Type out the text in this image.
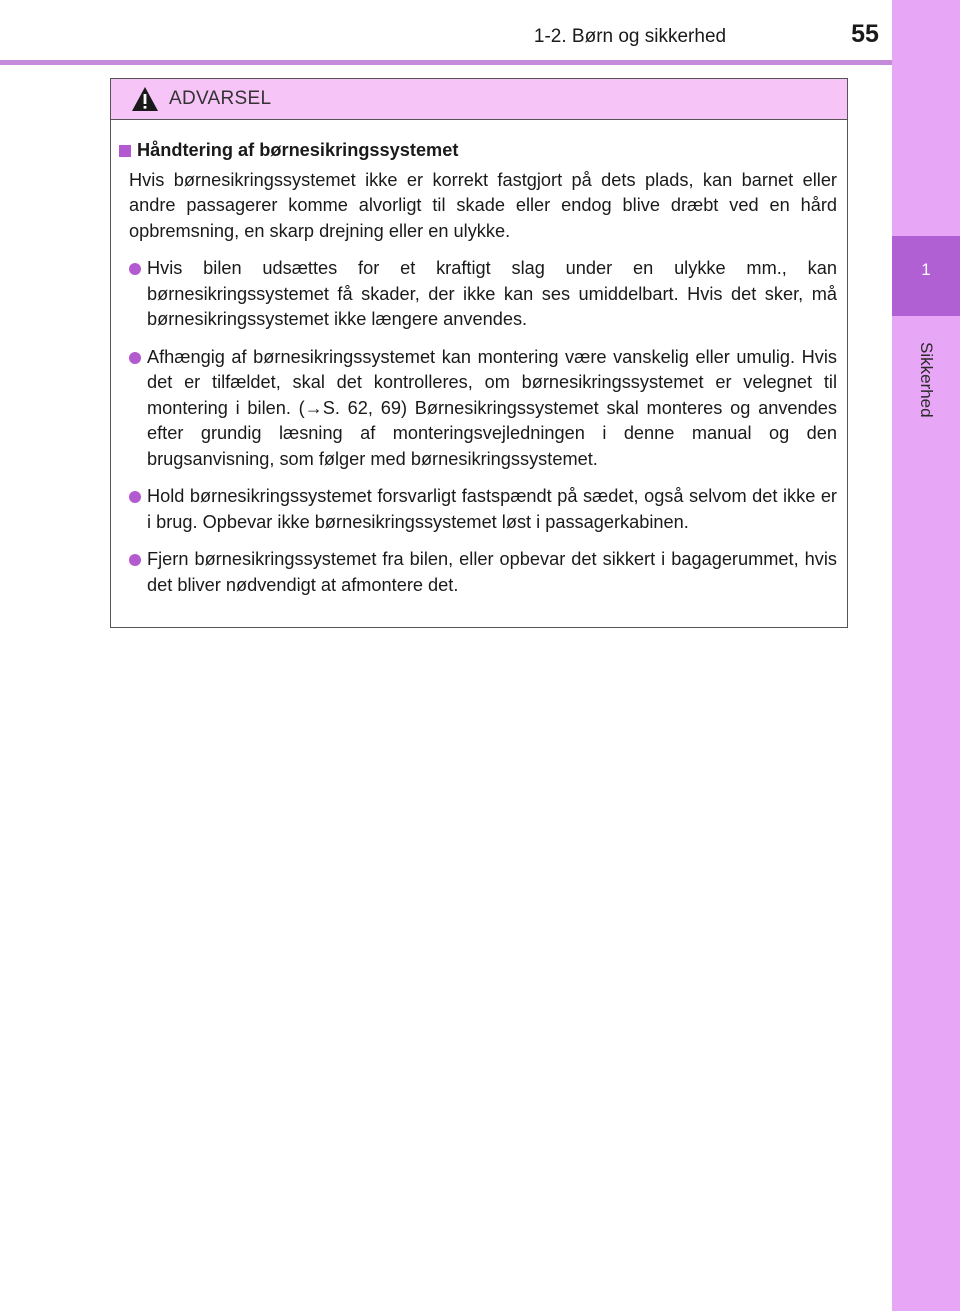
1-2. Børn og sikkerhed	55
1
Sikkerhed
ADVARSEL
Håndtering af børnesikringssystemet
Hvis børnesikringssystemet ikke er korrekt fastgjort på dets plads, kan barnet eller andre passagerer komme alvorligt til skade eller endog blive dræbt ved en hård opbremsning, en skarp drejning eller en ulykke.
Hvis bilen udsættes for et kraftigt slag under en ulykke mm., kan børnesikringssystemet få skader, der ikke kan ses umiddelbart. Hvis det sker, må børnesikringssystemet ikke længere anvendes.
Afhængig af børnesikringssystemet kan montering være vanskelig eller umulig. Hvis det er tilfældet, skal det kontrolleres, om børnesikringssystemet er velegnet til montering i bilen. (→S. 62, 69) Børnesikringssystemet skal monteres og anvendes efter grundig læsning af monteringsvejledningen i denne manual og den brugsanvisning, som følger med børnesikringssystemet.
Hold børnesikringssystemet forsvarligt fastspændt på sædet, også selvom det ikke er i brug. Opbevar ikke børnesikringssystemet løst i passagerkabinen.
Fjern børnesikringssystemet fra bilen, eller opbevar det sikkert i bagagerummet, hvis det bliver nødvendigt at afmontere det.
